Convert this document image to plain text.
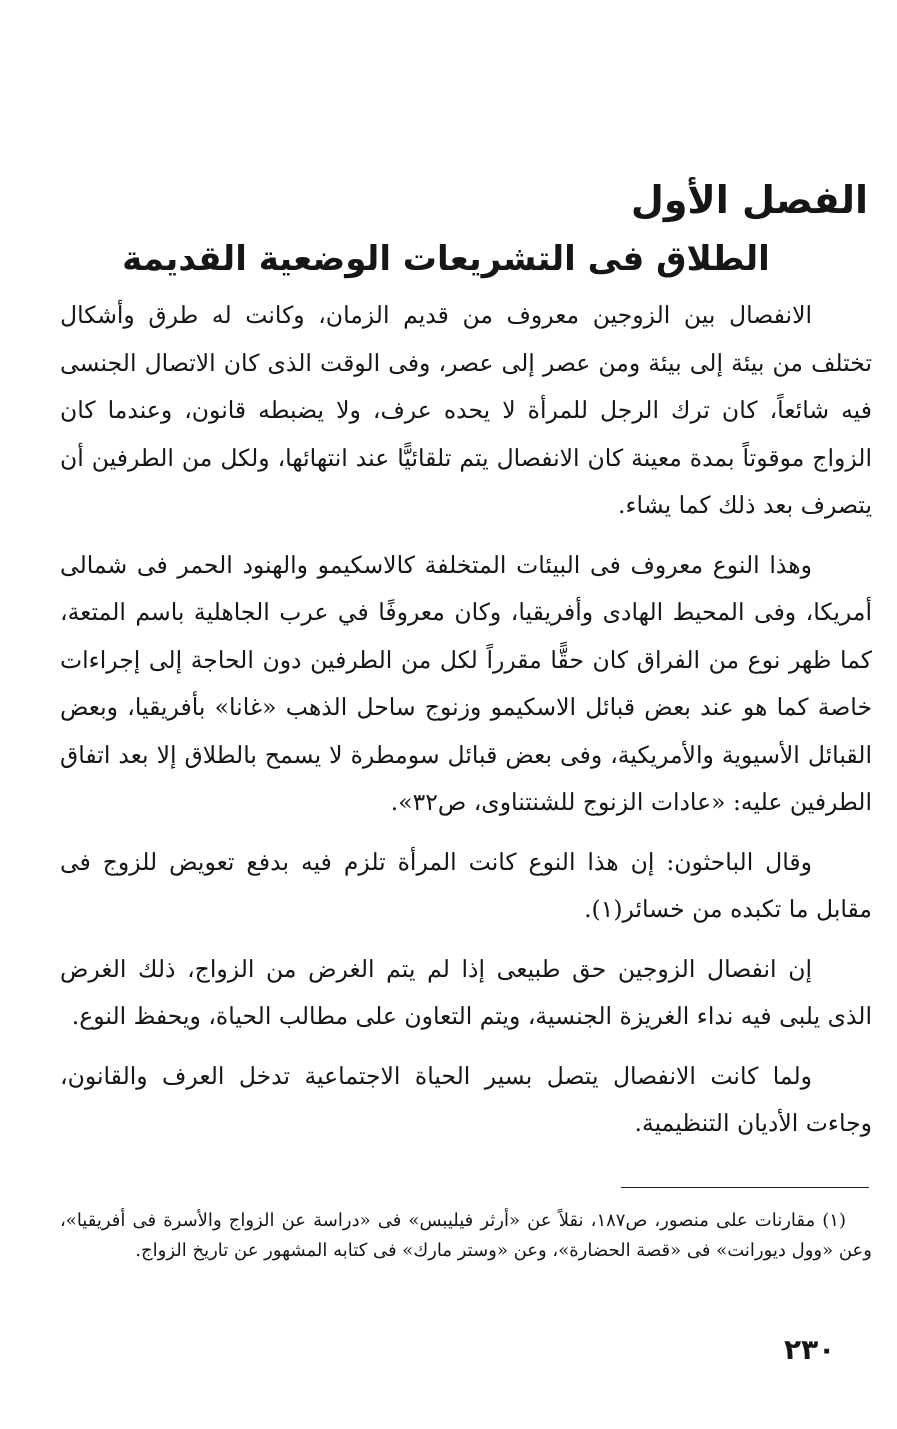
الفصل الأول
الطلاق فى التشريعات الوضعية القديمة

الانفصال بين الزوجين معروف من قديم الزمان، وكانت له طرق وأشكال تختلف من بيئة إلى بيئة ومن عصر إلى عصر، وفى الوقت الذى كان الاتصال الجنسى فيه شائعاً، كان ترك الرجل للمرأة لا يحده عرف، ولا يضبطه قانون، وعندما كان الزواج موقوتاً بمدة معينة كان الانفصال يتم تلقائيًّا عند انتهائها، ولكل من الطرفين أن يتصرف بعد ذلك كما يشاء.

وهذا النوع معروف فى البيئات المتخلفة كالاسكيمو والهنود الحمر فى شمالى أمريكا، وفى المحيط الهادى وأفريقيا، وكان معروفًا في عرب الجاهلية باسم المتعة، كما ظهر نوع من الفراق كان حقًّا مقرراً لكل من الطرفين دون الحاجة إلى إجراءات خاصة كما هو عند بعض قبائل الاسكيمو وزنوج ساحل الذهب «غانا» بأفريقيا، وبعض القبائل الأسيوية والأمريكية، وفى بعض قبائل سومطرة لا يسمح بالطلاق إلا بعد اتفاق الطرفين عليه: «عادات الزنوج للشنتناوى، ص٣٢».

وقال الباحثون: إن هذا النوع كانت المرأة تلزم فيه بدفع تعويض للزوج فى مقابل ما تكبده من خسائر(١).

إن انفصال الزوجين حق طبيعى إذا لم يتم الغرض من الزواج، ذلك الغرض الذى يلبى فيه نداء الغريزة الجنسية، ويتم التعاون على مطالب الحياة، ويحفظ النوع.

ولما كانت الانفصال يتصل بسير الحياة الاجتماعية تدخل العرف والقانون، وجاءت الأديان التنظيمية.

(١) مقارنات على منصور، ص١٨٧، نقلاً عن «أرثر فيليبس» فى «دراسة عن الزواج والأسرة فى أفريقيا»، وعن «وول ديورانت» فى «قصة الحضارة»، وعن «وستر مارك» فى كتابه المشهور عن تاريخ الزواج.

٢٣٠
